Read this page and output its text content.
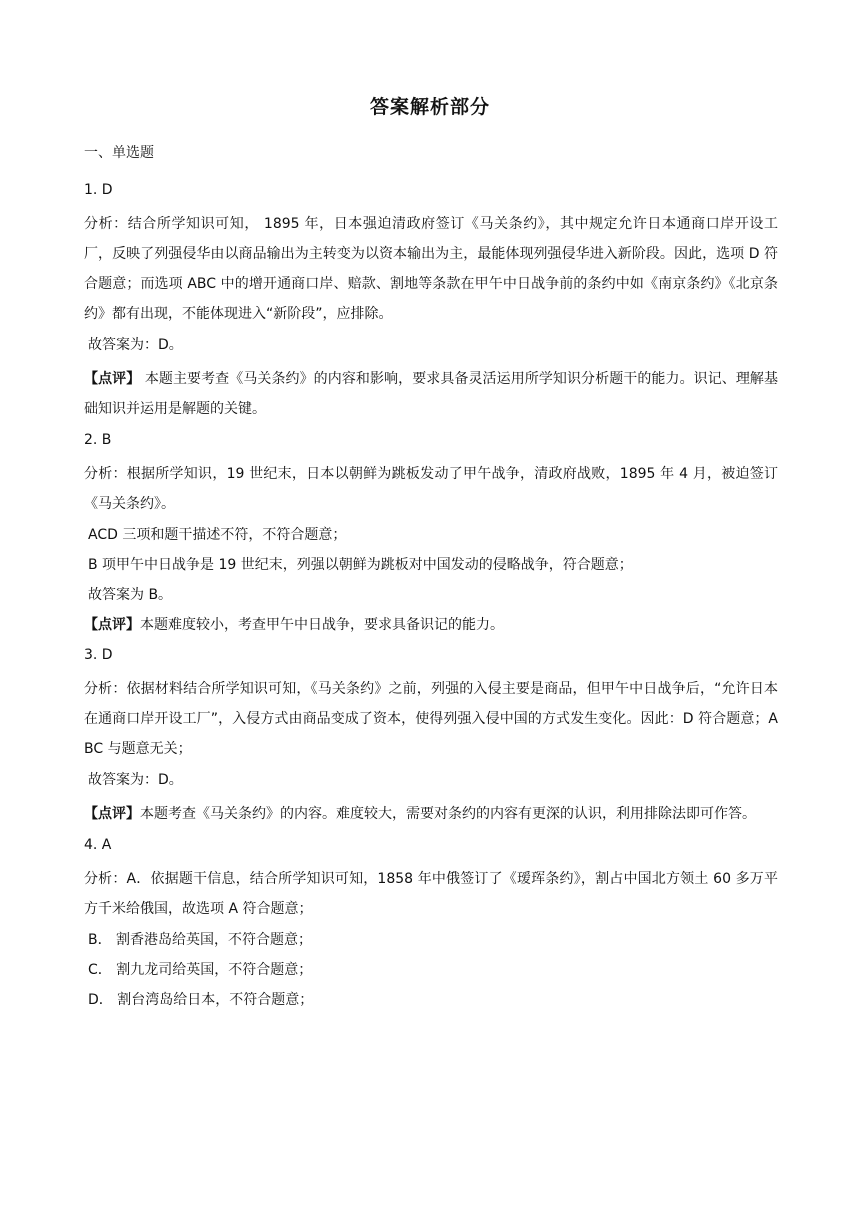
答案解析部分
一、单选题
1. D
分析：结合所学知识可知， 1895 年，日本强迫清政府签订《马关条约》，其中规定允许日本通商口岸开设工厂，反映了列强侵华由以商品输出为主转变为以资本输出为主，最能体现列强侵华进入新阶段。因此，选项 D 符合题意；而选项 ABC 中的增开通商口岸、赔款、割地等条款在甲午中日战争前的条约中如《南京条约》《北京条约》都有出现，不能体现进入“新阶段”，应排除。
故答案为：D。
【点评】 本题主要考查《马关条约》的内容和影响，要求具备灵活运用所学知识分析题干的能力。识记、理解基础知识并运用是解题的关键。
2. B
分析：根据所学知识，19 世纪末，日本以朝鲜为跳板发动了甲午战争，清政府战败，1895 年 4 月，被迫签订《马关条约》。
ACD 三项和题干描述不符，不符合题意；
B 项甲午中日战争是 19 世纪末，列强以朝鲜为跳板对中国发动的侵略战争，符合题意；
故答案为 B。
【点评】本题难度较小，考查甲午中日战争，要求具备识记的能力。
3. D
分析：依据材料结合所学知识可知，《马关条约》之前，列强的入侵主要是商品，但甲午中日战争后，“允许日本在通商口岸开设工厂”，入侵方式由商品变成了资本，使得列强入侵中国的方式发生变化。因此：D 符合题意；ABC 与题意无关；
故答案为：D。
【点评】本题考查《马关条约》的内容。难度较大，需要对条约的内容有更深的认识，利用排除法即可作答。
4. A
分析：A．依据题干信息，结合所学知识可知，1858 年中俄签订了《瑷珲条约》，割占中国北方领土 60 多万平方千米给俄国，故选项 A 符合题意；
B． 割香港岛给英国，不符合题意；
C． 割九龙司给英国，不符合题意；
D． 割台湾岛给日本，不符合题意；
